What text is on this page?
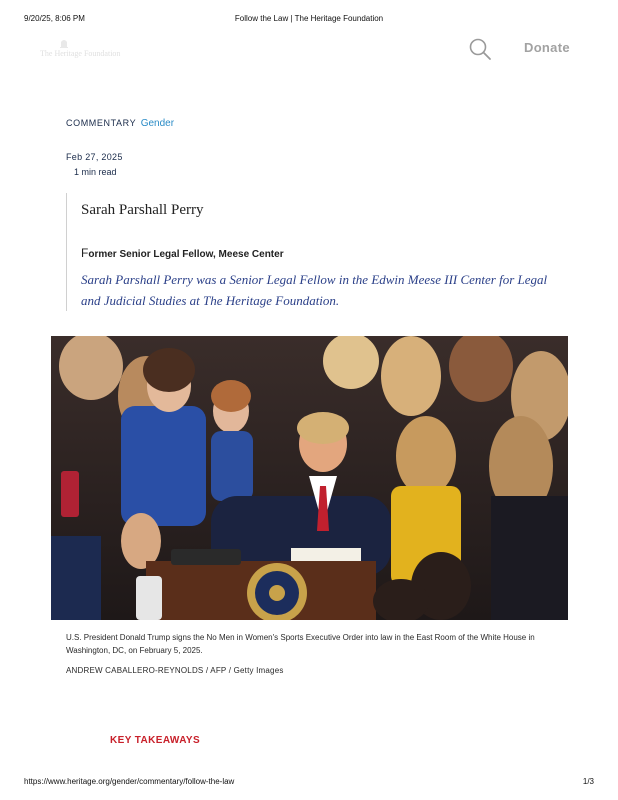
9/20/25, 8:06 PM	Follow the Law | The Heritage Foundation
The Heritage Foundation	Donate
COMMENTARY Gender
Feb 27, 2025
1 min read
Sarah Parshall Perry
Former Senior Legal Fellow, Meese Center
Sarah Parshall Perry was a Senior Legal Fellow in the Edwin Meese III Center for Legal and Judicial Studies at The Heritage Foundation.
U.S. President Donald Trump signs the No Men in Women's Sports Executive Order into law in the East Room of the White House in Washington, DC, on February 5, 2025.
ANDREW CABALLERO-REYNOLDS / AFP / Getty Images
KEY TAKEAWAYS
https://www.heritage.org/gender/commentary/follow-the-law	1/3
